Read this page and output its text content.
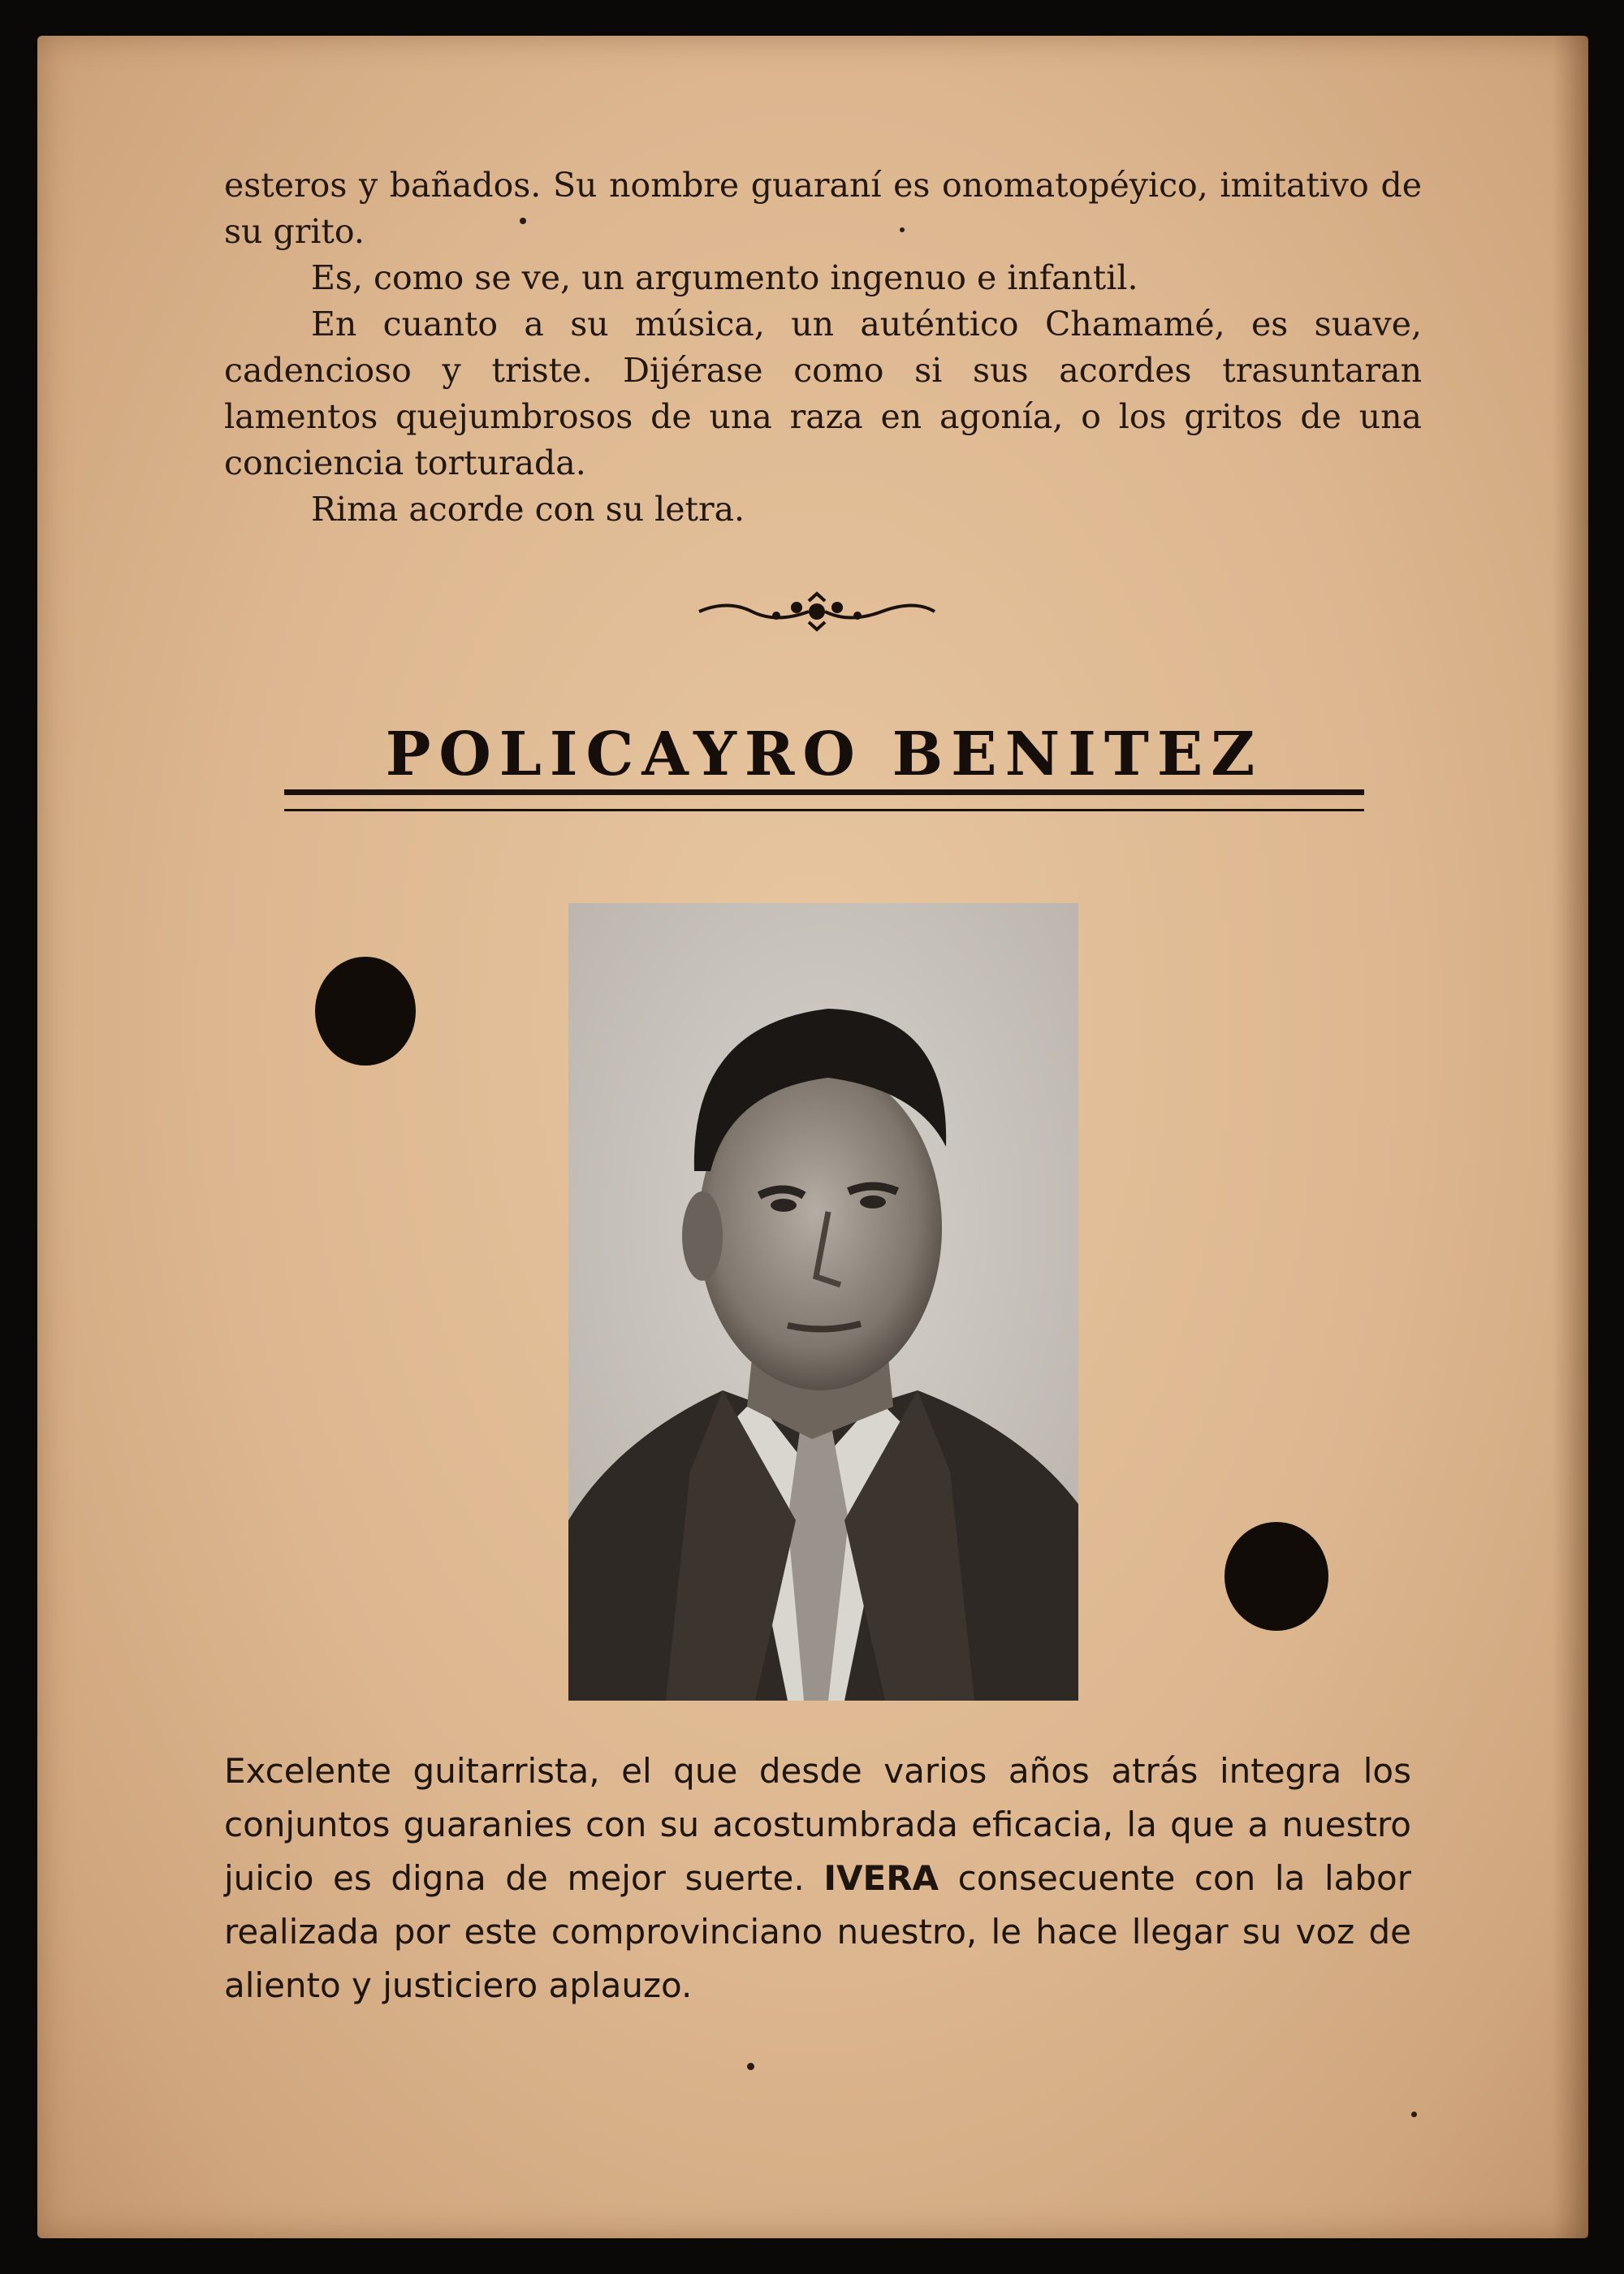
esteros y bañados. Su nombre guaraní es onomatopéyico, imitativo de su grito.

Es, como se ve, un argumento ingenuo e infantil.

En cuanto a su música, un auténtico Chamamé, es suave, cadencioso y triste. Dijérase como si sus acordes trasuntaran lamentos quejumbrosos de una raza en agonía, o los gritos de una conciencia torturada.

Rima acorde con su letra.

POLICAYRO BENITEZ
Excelente guitarrista, el que desde varios años atrás integra los conjuntos guaranies con su acostumbrada eficacia, la que a nuestro juicio es digna de mejor suerte. IVERA consecuente con la labor realizada por este comprovinciano nuestro, le hace llegar su voz de aliento y justiciero aplauzo.
